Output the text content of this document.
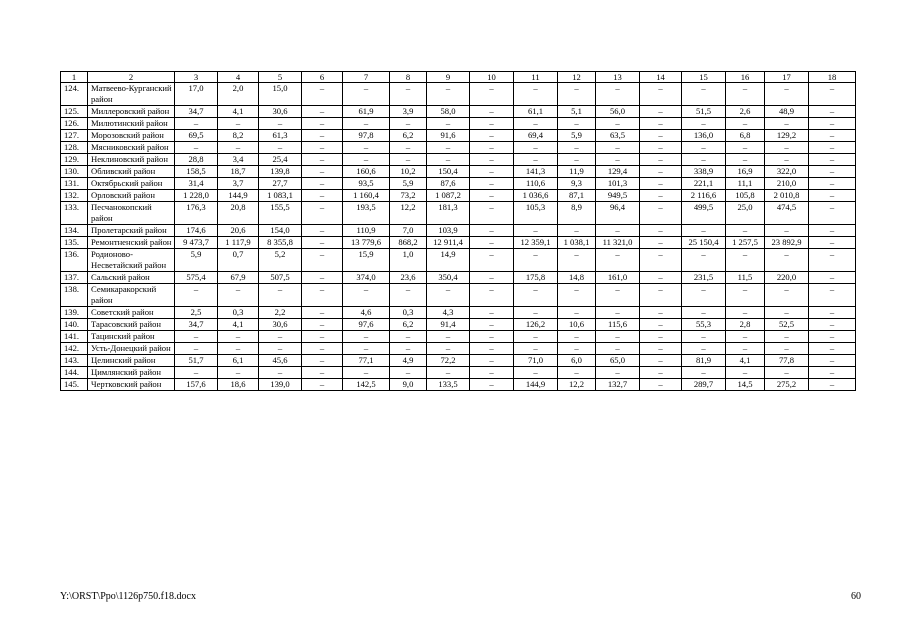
1	2	3	4	5	6	7	8	9	10	11	12	13	14	15	16	17	18
124.	Матвеево-Курганский район	17,0	2,0	15,0	–	–	–	–	–	–	–	–	–	–	–	–	–
125.	Миллеровский район	34,7	4,1	30,6	–	61,9	3,9	58,0	–	61,1	5,1	56,0	–	51,5	2,6	48,9	–
126.	Милютинский район	–	–	–	–	–	–	–	–	–	–	–	–	–	–	–	–
127.	Морозовский район	69,5	8,2	61,3	–	97,8	6,2	91,6	–	69,4	5,9	63,5	–	136,0	6,8	129,2	–
128.	Мясниковский район	–	–	–	–	–	–	–	–	–	–	–	–	–	–	–	–
129.	Неклиновский район	28,8	3,4	25,4	–	–	–	–	–	–	–	–	–	–	–	–	–
130.	Обливский район	158,5	18,7	139,8	–	160,6	10,2	150,4	–	141,3	11,9	129,4	–	338,9	16,9	322,0	–
131.	Октябрьский район	31,4	3,7	27,7	–	93,5	5,9	87,6	–	110,6	9,3	101,3	–	221,1	11,1	210,0	–
132.	Орловский район	1 228,0	144,9	1 083,1	–	1 160,4	73,2	1 087,2	–	1 036,6	87,1	949,5	–	2 116,6	105,8	2 010,8	–
133.	Песчанокопский район	176,3	20,8	155,5	–	193,5	12,2	181,3	–	105,3	8,9	96,4	–	499,5	25,0	474,5	–
134.	Пролетарский район	174,6	20,6	154,0	–	110,9	7,0	103,9	–	–	–	–	–	–	–	–	–
135.	Ремонтненский район	9 473,7	1 117,9	8 355,8	–	13 779,6	868,2	12 911,4	–	12 359,1	1 038,1	11 321,0	–	25 150,4	1 257,5	23 892,9	–
136.	Родионово-Несветайский район	5,9	0,7	5,2	–	15,9	1,0	14,9	–	–	–	–	–	–	–	–	–
137.	Сальский район	575,4	67,9	507,5	–	374,0	23,6	350,4	–	175,8	14,8	161,0	–	231,5	11,5	220,0	–
138.	Семикаракорский район	–	–	–	–	–	–	–	–	–	–	–	–	–	–	–	–
139.	Советский район	2,5	0,3	2,2	–	4,6	0,3	4,3	–	–	–	–	–	–	–	–	–
140.	Тарасовский район	34,7	4,1	30,6	–	97,6	6,2	91,4	–	126,2	10,6	115,6	–	55,3	2,8	52,5	–
141.	Тацинский район	–	–	–	–	–	–	–	–	–	–	–	–	–	–	–	–
142.	Усть-Донецкий район	–	–	–	–	–	–	–	–	–	–	–	–	–	–	–	–
143.	Целинский район	51,7	6,1	45,6	–	77,1	4,9	72,2	–	71,0	6,0	65,0	–	81,9	4,1	77,8	–
144.	Цимлянский район	–	–	–	–	–	–	–	–	–	–	–	–	–	–	–	–
145.	Чертковский район	157,6	18,6	139,0	–	142,5	9,0	133,5	–	144,9	12,2	132,7	–	289,7	14,5	275,2	–
Y:\ORST\Ppo\1126p750.f18.docx	60
